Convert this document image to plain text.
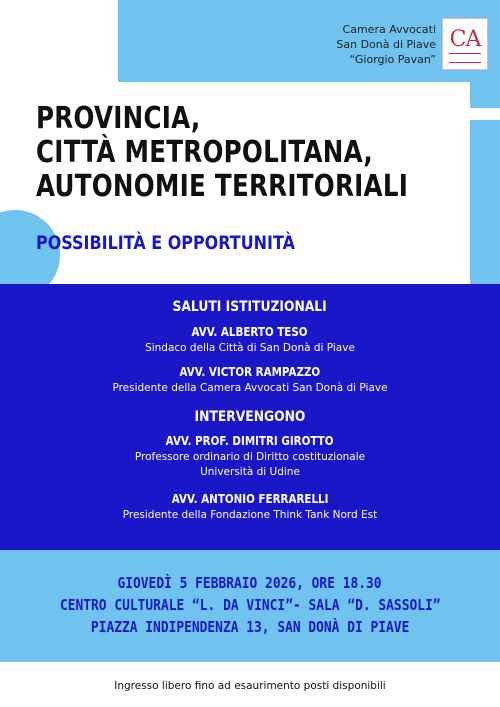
Camera Avvocati
San Donà di Piave
“Giorgio Pavan”
CA
PROVINCIA,
CITTÀ METROPOLITANA,
AUTONOMIE TERRITORIALI
POSSIBILITÀ E OPPORTUNITÀ
SALUTI ISTITUZIONALI
AVV. ALBERTO TESO
Sindaco della Città di San Donà di Piave
AVV. VICTOR RAMPAZZO
Presidente della Camera Avvocati San Donà di Piave
INTERVENGONO
AVV. PROF. DIMITRI GIROTTO
Professore ordinario di Diritto costituzionale
Università di Udine
AVV. ANTONIO FERRARELLI
Presidente della Fondazione Think Tank Nord Est
GIOVEDÌ 5 FEBBRAIO 2026, ORE 18.30
CENTRO CULTURALE “L. DA VINCI”- SALA “D. SASSOLI”
PIAZZA INDIPENDENZA 13, SAN DONÀ DI PIAVE
Ingresso libero fino ad esaurimento posti disponibili
